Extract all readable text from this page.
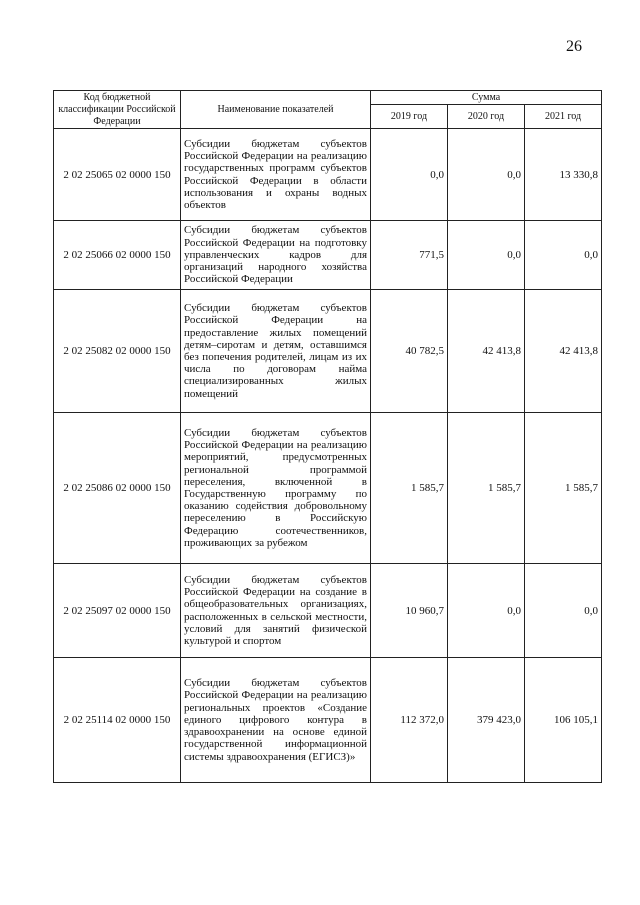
26
Код бюджетной классификации Российской Федерации	Наименование показателей	Сумма		
		2019 год	2020 год	2021 год
2 02 25065 02 0000 150	Субсидии бюджетам субъектов Российской Федерации на реализацию государственных программ субъектов Российской Федерации в области использования и охраны водных объектов	0,0	0,0	13 330,8
2 02 25066 02 0000 150	Субсидии бюджетам субъектов Российской Федерации на подготовку управленческих кадров для организаций народного хозяйства Российской Федерации	771,5	0,0	0,0
2 02 25082 02 0000 150	Субсидии бюджетам субъектов Российской Федерации на предоставление жилых помещений детям–сиротам и детям, оставшимся без попечения родителей, лицам из их числа по договорам найма специализированных жилых помещений	40 782,5	42 413,8	42 413,8
2 02 25086 02 0000 150	Субсидии бюджетам субъектов Российской Федерации на реализацию мероприятий, предусмотренных региональной программой переселения, включенной в Государственную программу по оказанию содействия добровольному переселению в Российскую Федерацию соотечественников, проживающих за рубежом	1 585,7	1 585,7	1 585,7
2 02 25097 02 0000 150	Субсидии бюджетам субъектов Российской Федерации на создание в общеобразовательных организациях, расположенных в сельской местности, условий для занятий физической культурой и спортом	10 960,7	0,0	0,0
2 02 25114 02 0000 150	Субсидии бюджетам субъектов Российской Федерации на реализацию региональных проектов «Создание единого цифрового контура в здравоохранении на основе единой государственной информационной системы здравоохранения (ЕГИСЗ)»	112 372,0	379 423,0	106 105,1
